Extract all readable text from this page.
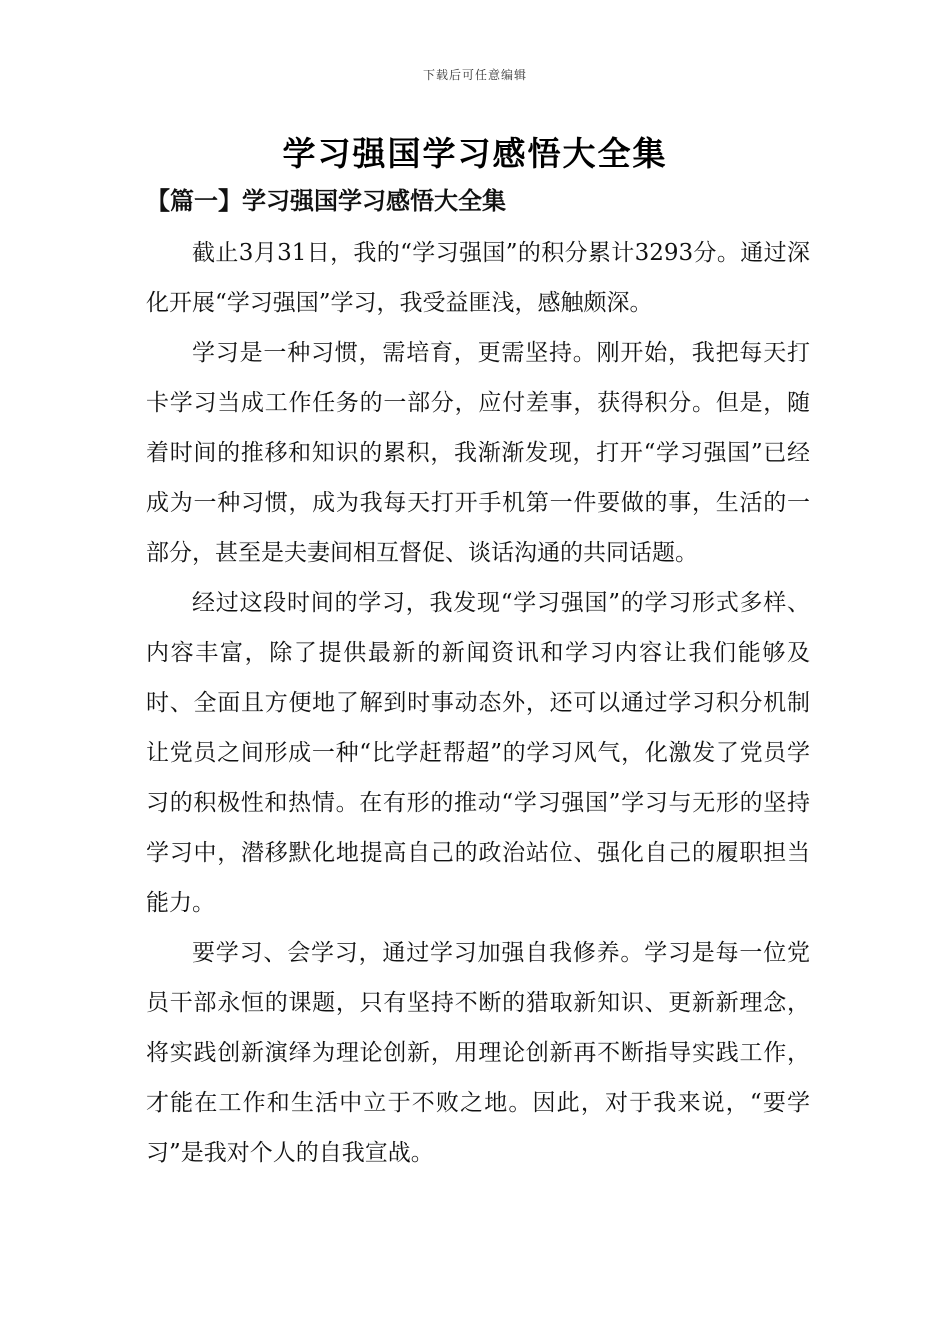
下载后可任意编辑
学习强国学习感悟大全集
【篇一】学习强国学习感悟大全集

截止3月31日，我的“学习强国”的积分累计3293分。通过深化开展“学习强国”学习，我受益匪浅，感触颇深。

学习是一种习惯，需培育，更需坚持。刚开始，我把每天打卡学习当成工作任务的一部分，应付差事，获得积分。但是，随着时间的推移和知识的累积，我渐渐发现，打开“学习强国”已经成为一种习惯，成为我每天打开手机第一件要做的事，生活的一部分，甚至是夫妻间相互督促、谈话沟通的共同话题。

经过这段时间的学习，我发现“学习强国”的学习形式多样、内容丰富，除了提供最新的新闻资讯和学习内容让我们能够及时、全面且方便地了解到时事动态外，还可以通过学习积分机制让党员之间形成一种“比学赶帮超”的学习风气，化激发了党员学习的积极性和热情。在有形的推动“学习强国”学习与无形的坚持学习中，潜移默化地提高自己的政治站位、强化自己的履职担当能力。

要学习、会学习，通过学习加强自我修养。学习是每一位党员干部永恒的课题，只有坚持不断的猎取新知识、更新新理念，将实践创新演绎为理论创新，用理论创新再不断指导实践工作，才能在工作和生活中立于不败之地。因此，对于我来说，“要学习”是我对个人的自我宣战。
